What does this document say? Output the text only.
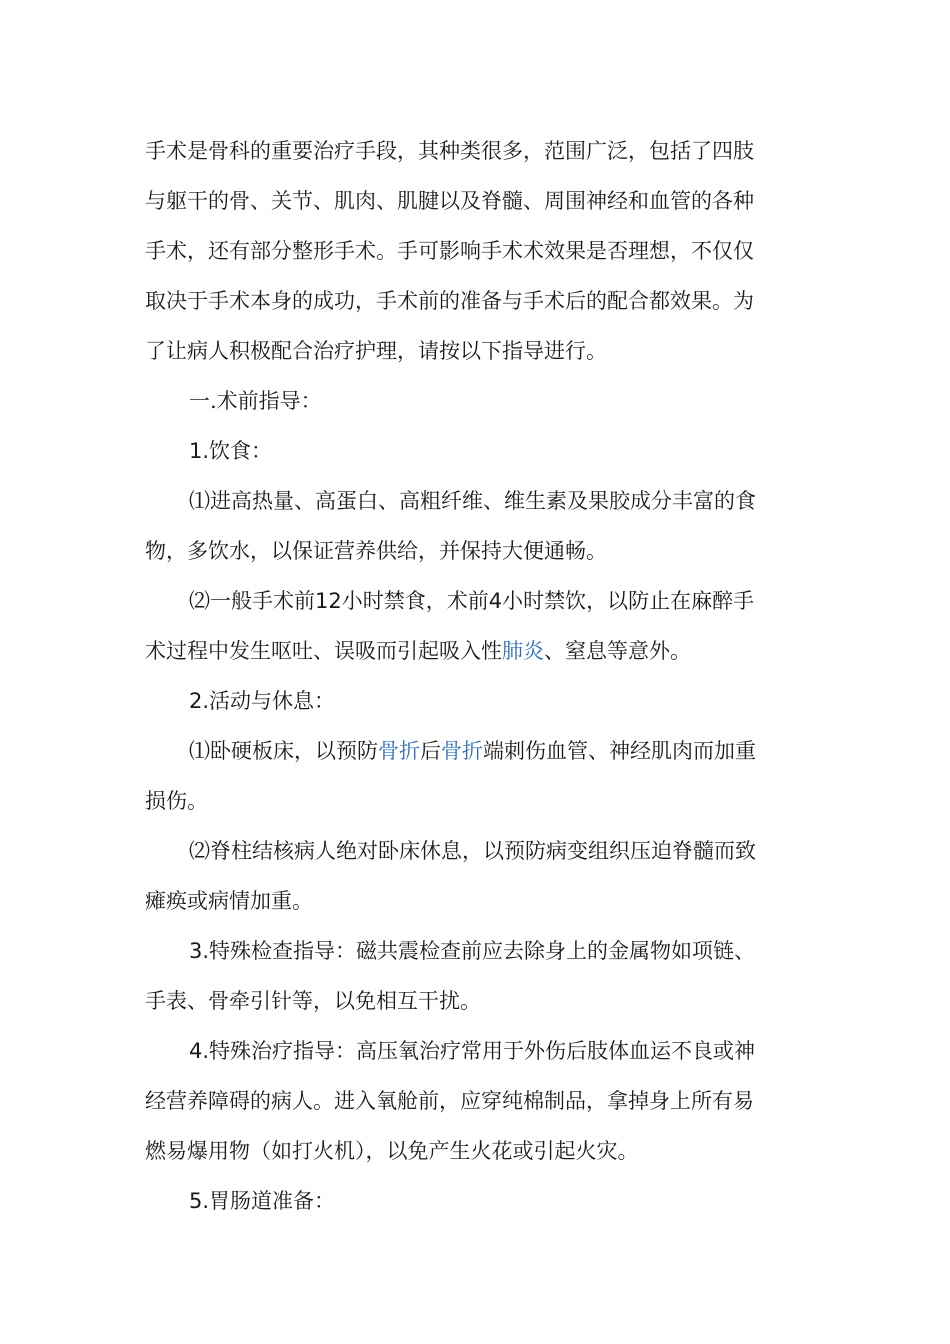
手术是骨科的重要治疗手段，其种类很多，范围广泛，包括了四肢

与躯干的骨、关节、肌肉、肌腱以及脊髓、周围神经和血管的各种

手术，还有部分整形手术。手可影响手术术效果是否理想，不仅仅

取决于手术本身的成功，手术前的准备与手术后的配合都效果。为

了让病人积极配合治疗护理，请按以下指导进行。

一.术前指导：

1.饮食：

⑴进高热量、高蛋白、高粗纤维、维生素及果胶成分丰富的食

物，多饮水，以保证营养供给，并保持大便通畅。

⑵一般手术前12小时禁食，术前4小时禁饮，以防止在麻醉手

术过程中发生呕吐、误吸而引起吸入性肺炎、窒息等意外。

2.活动与休息：

⑴卧硬板床，以预防骨折后骨折端刺伤血管、神经肌肉而加重

损伤。

⑵脊柱结核病人绝对卧床休息，以预防病变组织压迫脊髓而致

瘫痪或病情加重。

3.特殊检查指导：磁共震检查前应去除身上的金属物如项链、

手表、骨牵引针等，以免相互干扰。

4.特殊治疗指导：高压氧治疗常用于外伤后肢体血运不良或神

经营养障碍的病人。进入氧舱前，应穿纯棉制品，拿掉身上所有易

燃易爆用物（如打火机），以免产生火花或引起火灾。

5.胃肠道准备：
